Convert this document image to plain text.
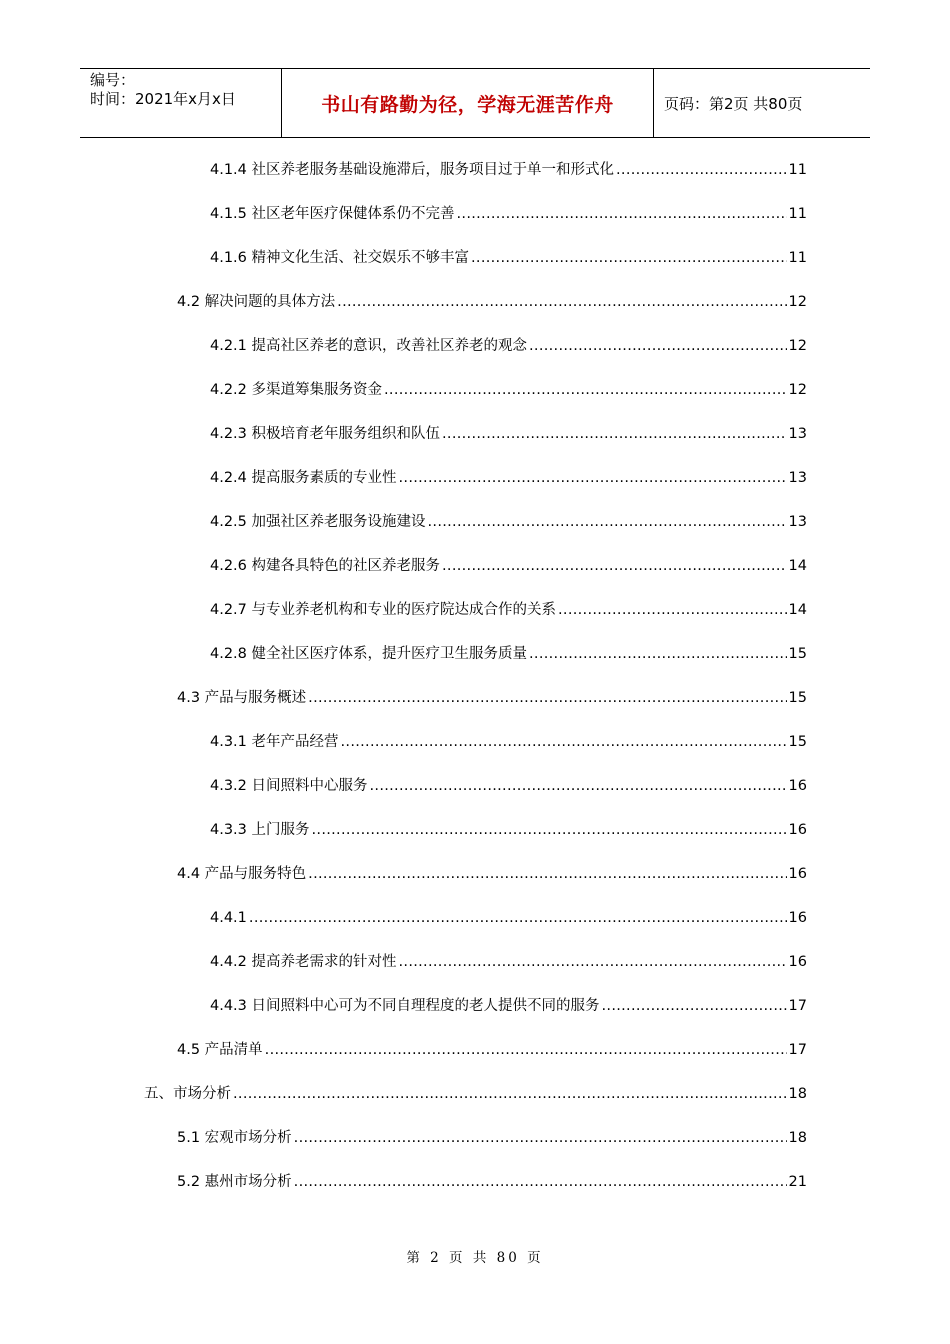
编号：
时间：2021年x月x日	书山有路勤为径，学海无涯苦作舟	页码：第2页 共80页
4.1.4 社区养老服务基础设施滞后，服务项目过于单一和形式化 .....	11
4.1.5 社区老年医疗保健体系仍不完善 .....	11
4.1.6 精神文化生活、社交娱乐不够丰富 .....	11
4.2 解决问题的具体方法 .....	12
4.2.1 提高社区养老的意识，改善社区养老的观念 .....	12
4.2.2 多渠道筹集服务资金 .....	12
4.2.3 积极培育老年服务组织和队伍 .....	13
4.2.4 提高服务素质的专业性 .....	13
4.2.5 加强社区养老服务设施建设 .....	13
4.2.6 构建各具特色的社区养老服务 .....	14
4.2.7 与专业养老机构和专业的医疗院达成合作的关系 .....	14
4.2.8 健全社区医疗体系，提升医疗卫生服务质量 .....	15
4.3 产品与服务概述 .....	15
4.3.1 老年产品经营 .....	15
4.3.2 日间照料中心服务 .....	16
4.3.3 上门服务 .....	16
4.4 产品与服务特色 .....	16
4.4.1 .....	16
4.4.2 提高养老需求的针对性 .....	16
4.4.3 日间照料中心可为不同自理程度的老人提供不同的服务 .....	17
4.5 产品清单 .....	17
五、市场分析 .....	18
5.1 宏观市场分析 .....	18
5.2 惠州市场分析 .....	21
第 2 页 共 80 页
